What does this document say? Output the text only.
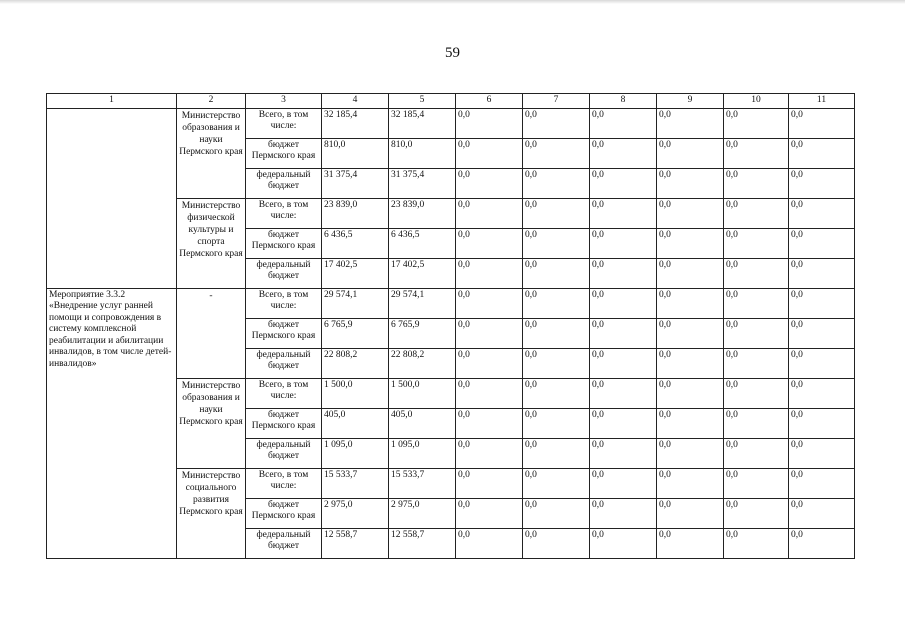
59
1	2	3	4	5	6	7	8	9	10	11
	Министерство образования и науки Пермского края	Всего, в том числе:	32 185,4	32 185,4	0,0	0,0	0,0	0,0	0,0	0,0
		бюджет Пермского края	810,0	810,0	0,0	0,0	0,0	0,0	0,0	0,0
		федеральный бюджет	31 375,4	31 375,4	0,0	0,0	0,0	0,0	0,0	0,0
	Министерство физической культуры и спорта Пермского края	Всего, в том числе:	23 839,0	23 839,0	0,0	0,0	0,0	0,0	0,0	0,0
		бюджет Пермского края	6 436,5	6 436,5	0,0	0,0	0,0	0,0	0,0	0,0
		федеральный бюджет	17 402,5	17 402,5	0,0	0,0	0,0	0,0	0,0	0,0
Мероприятие 3.3.2 «Внедрение услуг ранней помощи и сопровождения в систему комплексной реабилитации и абилитации инвалидов, в том числе детей-инвалидов»	-	Всего, в том числе:	29 574,1	29 574,1	0,0	0,0	0,0	0,0	0,0	0,0
		бюджет Пермского края	6 765,9	6 765,9	0,0	0,0	0,0	0,0	0,0	0,0
		федеральный бюджет	22 808,2	22 808,2	0,0	0,0	0,0	0,0	0,0	0,0
	Министерство образования и науки Пермского края	Всего, в том числе:	1 500,0	1 500,0	0,0	0,0	0,0	0,0	0,0	0,0
		бюджет Пермского края	405,0	405,0	0,0	0,0	0,0	0,0	0,0	0,0
		федеральный бюджет	1 095,0	1 095,0	0,0	0,0	0,0	0,0	0,0	0,0
	Министерство социального развития Пермского края	Всего, в том числе:	15 533,7	15 533,7	0,0	0,0	0,0	0,0	0,0	0,0
		бюджет Пермского края	2 975,0	2 975,0	0,0	0,0	0,0	0,0	0,0	0,0
		федеральный бюджет	12 558,7	12 558,7	0,0	0,0	0,0	0,0	0,0	0,0
